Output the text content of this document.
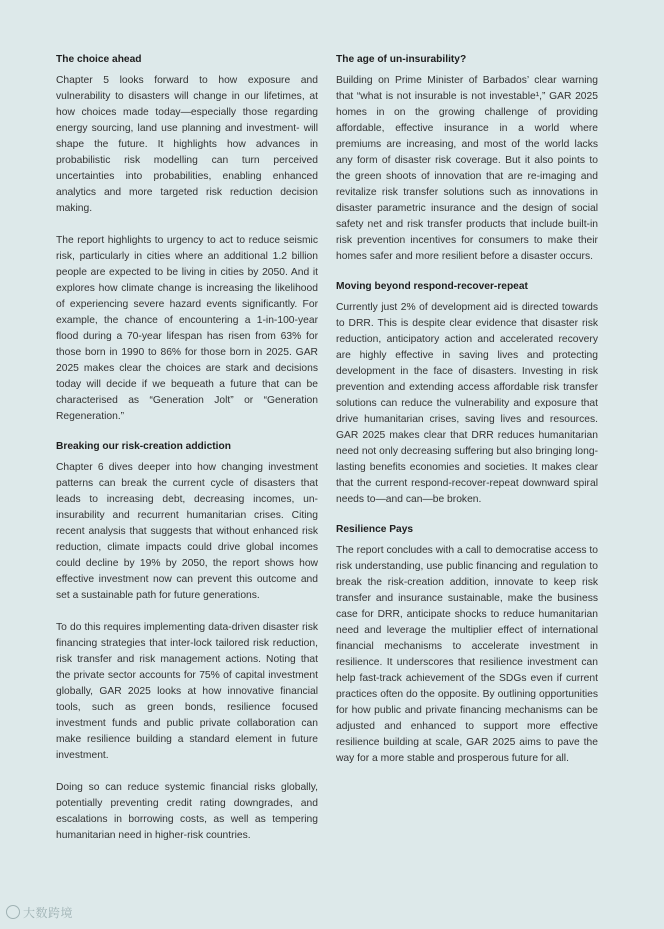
The choice ahead

Chapter 5 looks forward to how exposure and vulnerability to disasters will change in our lifetimes, at how choices made today—especially those regarding energy sourcing, land use planning and investment- will shape the future. It highlights how advances in probabilistic risk modelling can turn perceived uncertainties into probabilities, enabling enhanced analytics and more targeted risk reduction decision making.

The report highlights to urgency to act to reduce seismic risk, particularly in cities where an additional 1.2 billion people are expected to be living in cities by 2050. And it explores how climate change is increasing the likelihood of experiencing severe hazard events significantly. For example, the chance of encountering a 1-in-100-year flood during a 70-year lifespan has risen from 63% for those born in 1990 to 86% for those born in 2025. GAR 2025 makes clear the choices are stark and decisions today will decide if we bequeath a future that can be characterised as “Generation Jolt” or “Generation Regeneration.”

Breaking our risk-creation addiction

Chapter 6 dives deeper into how changing investment patterns can break the current cycle of disasters that leads to increasing debt, decreasing incomes, un-insurability and recurrent humanitarian crises. Citing recent analysis that suggests that without enhanced risk reduction, climate impacts could drive global incomes could decline by 19% by 2050, the report shows how effective investment now can prevent this outcome and set a sustainable path for future generations.

To do this requires implementing data-driven disaster risk financing strategies that inter-lock tailored risk reduction, risk transfer and risk management actions. Noting that the private sector accounts for 75% of capital investment globally, GAR 2025 looks at how innovative financial tools, such as green bonds, resilience focused investment funds and public private collaboration can make resilience building a standard element in future investment.

Doing so can reduce systemic financial risks globally, potentially preventing credit rating downgrades, and escalations in borrowing costs, as well as tempering humanitarian need in higher-risk countries.

The age of un-insurability?

Building on Prime Minister of Barbados’ clear warning that “what is not insurable is not investable¹,” GAR 2025 homes in on the growing challenge of providing affordable, effective insurance in a world where premiums are increasing, and most of the world lacks any form of disaster risk coverage. But it also points to the green shoots of innovation that are re-imaging and revitalize risk transfer solutions such as innovations in disaster parametric insurance and the design of social safety net and risk transfer products that include built-in risk prevention incentives for consumers to make their homes safer and more resilient before a disaster occurs.

Moving beyond respond-recover-repeat

Currently just 2% of development aid is directed towards to DRR. This is despite clear evidence that disaster risk reduction, anticipatory action and accelerated recovery are highly effective in saving lives and protecting development in the face of disasters. Investing in risk prevention and extending access affordable risk transfer solutions can reduce the vulnerability and exposure that drive humanitarian crises, saving lives and resources. GAR 2025 makes clear that DRR reduces humanitarian need not only decreasing suffering but also bringing long-lasting benefits economies and societies. It makes clear that the current respond-recover-repeat downward spiral needs to—and can—be broken.

Resilience Pays

The report concludes with a call to democratise access to risk understanding, use public financing and regulation to break the risk-creation addition, innovate to keep risk transfer and insurance sustainable, make the business case for DRR, anticipate shocks to reduce humanitarian need and leverage the multiplier effect of international financial mechanisms to accelerate investment in resilience. It underscores that resilience investment can help fast-track achievement of the SDGs even if current practices often do the opposite. By outlining opportunities for how public and private financing mechanisms can be adjusted and enhanced to support more effective resilience building at scale, GAR 2025 aims to pave the way for a more stable and prosperous future for all.

大数跨境
